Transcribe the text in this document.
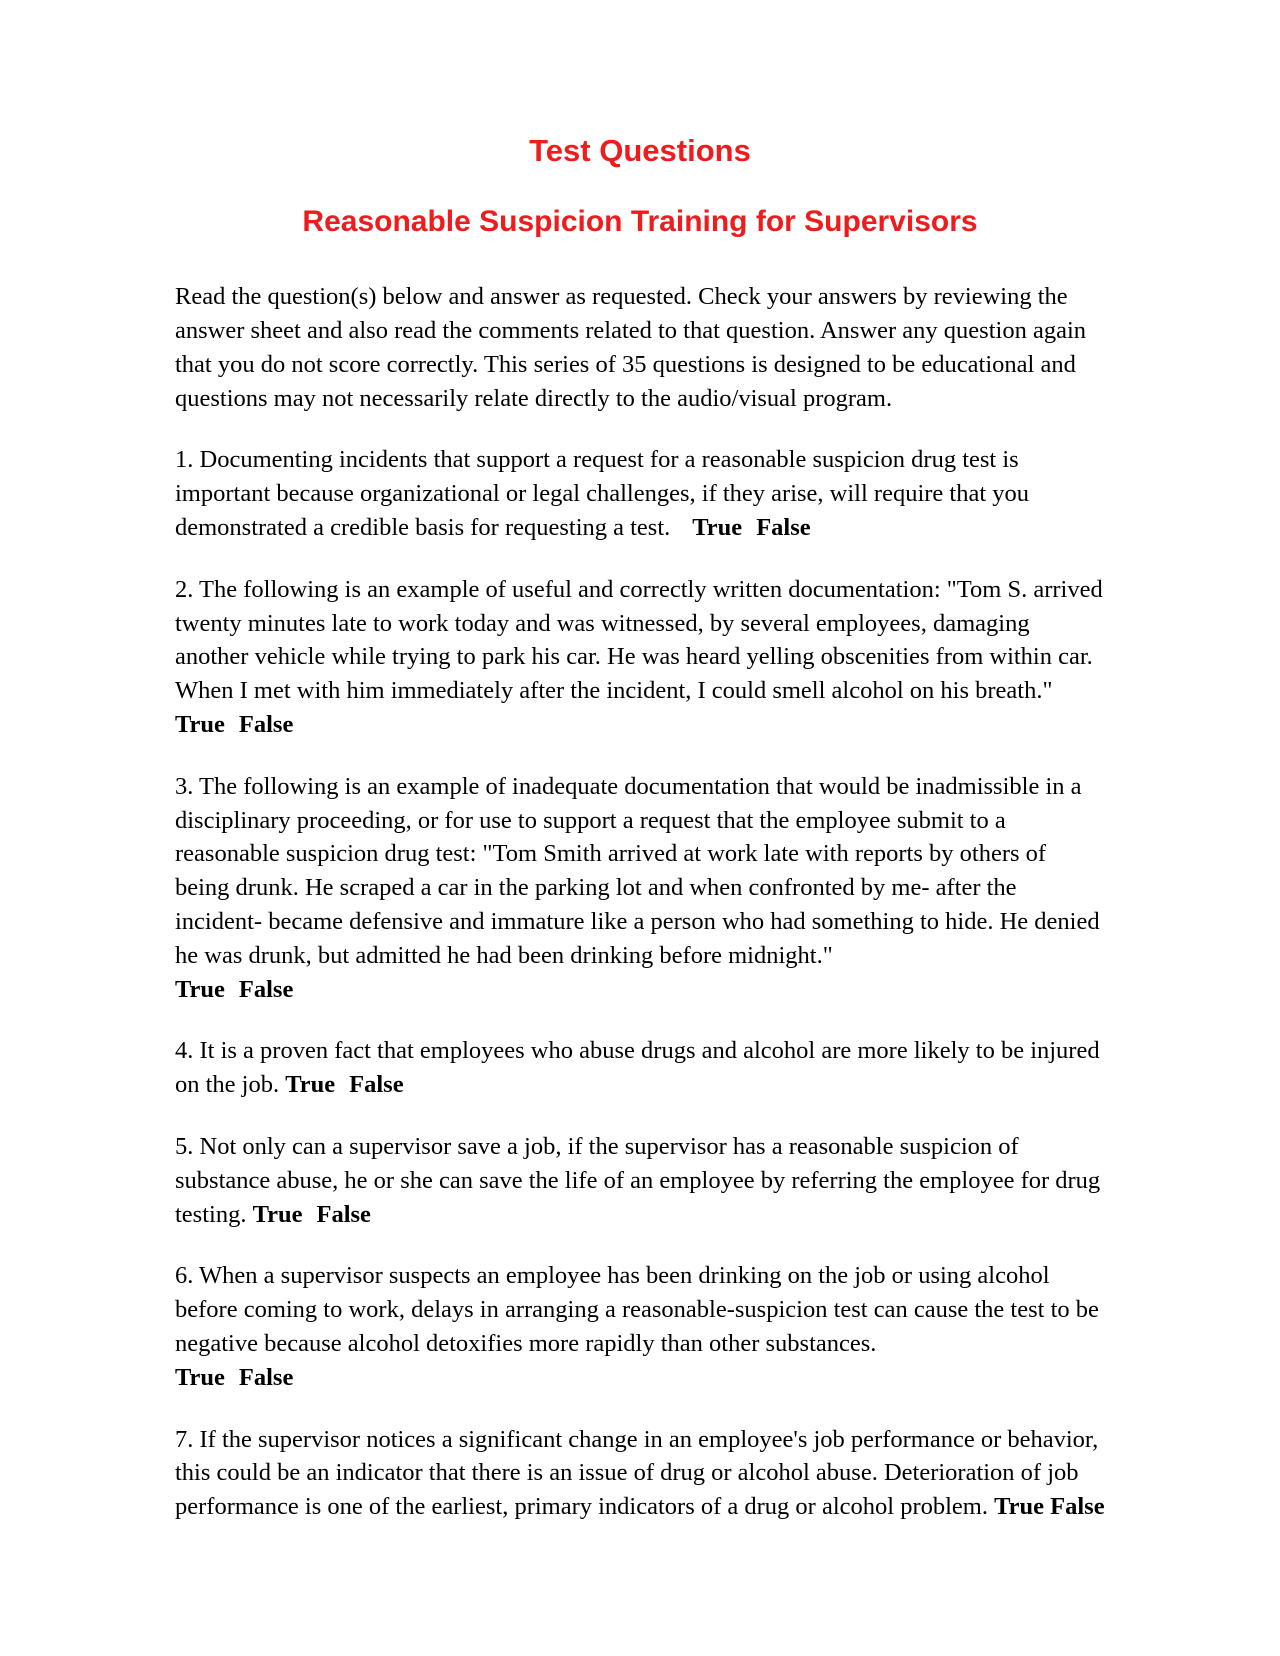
Test Questions
Reasonable Suspicion Training for Supervisors

Read the question(s) below and answer as requested. Check your answers by reviewing the answer sheet and also read the comments related to that question. Answer any question again that you do not score correctly. This series of 35 questions is designed to be educational and questions may not necessarily relate directly to the audio/visual program.

1. Documenting incidents that support a request for a reasonable suspicion drug test is important because organizational or legal challenges, if they arise, will require that you demonstrated a credible basis for requesting a test. True False

2. The following is an example of useful and correctly written documentation: "Tom S. arrived twenty minutes late to work today and was witnessed, by several employees, damaging another vehicle while trying to park his car. He was heard yelling obscenities from within car. When I met with him immediately after the incident, I could smell alcohol on his breath."True False

3. The following is an example of inadequate documentation that would be inadmissible in a disciplinary proceeding, or for use to support a request that the employee submit to a reasonable suspicion drug test: "Tom Smith arrived at work late with reports by others of being drunk. He scraped a car in the parking lot and when confronted by me- after the incident- became defensive and immature like a person who had something to hide. He denied he was drunk, but admitted he had been drinking before midnight."
True False

4. It is a proven fact that employees who abuse drugs and alcohol are more likely to be injured on the job. True False

5. Not only can a supervisor save a job, if the supervisor has a reasonable suspicion of substance abuse, he or she can save the life of an employee by referring the employee for drug testing. True False

6. When a supervisor suspects an employee has been drinking on the job or using alcohol before coming to work, delays in arranging a reasonable-suspicion test can cause the test to be negative because alcohol detoxifies more rapidly than other substances.
True False

7. If the supervisor notices a significant change in an employee's job performance or behavior, this could be an indicator that there is an issue of drug or alcohol abuse. Deterioration of job performance is one of the earliest, primary indicators of a drug or alcohol problem. True False
